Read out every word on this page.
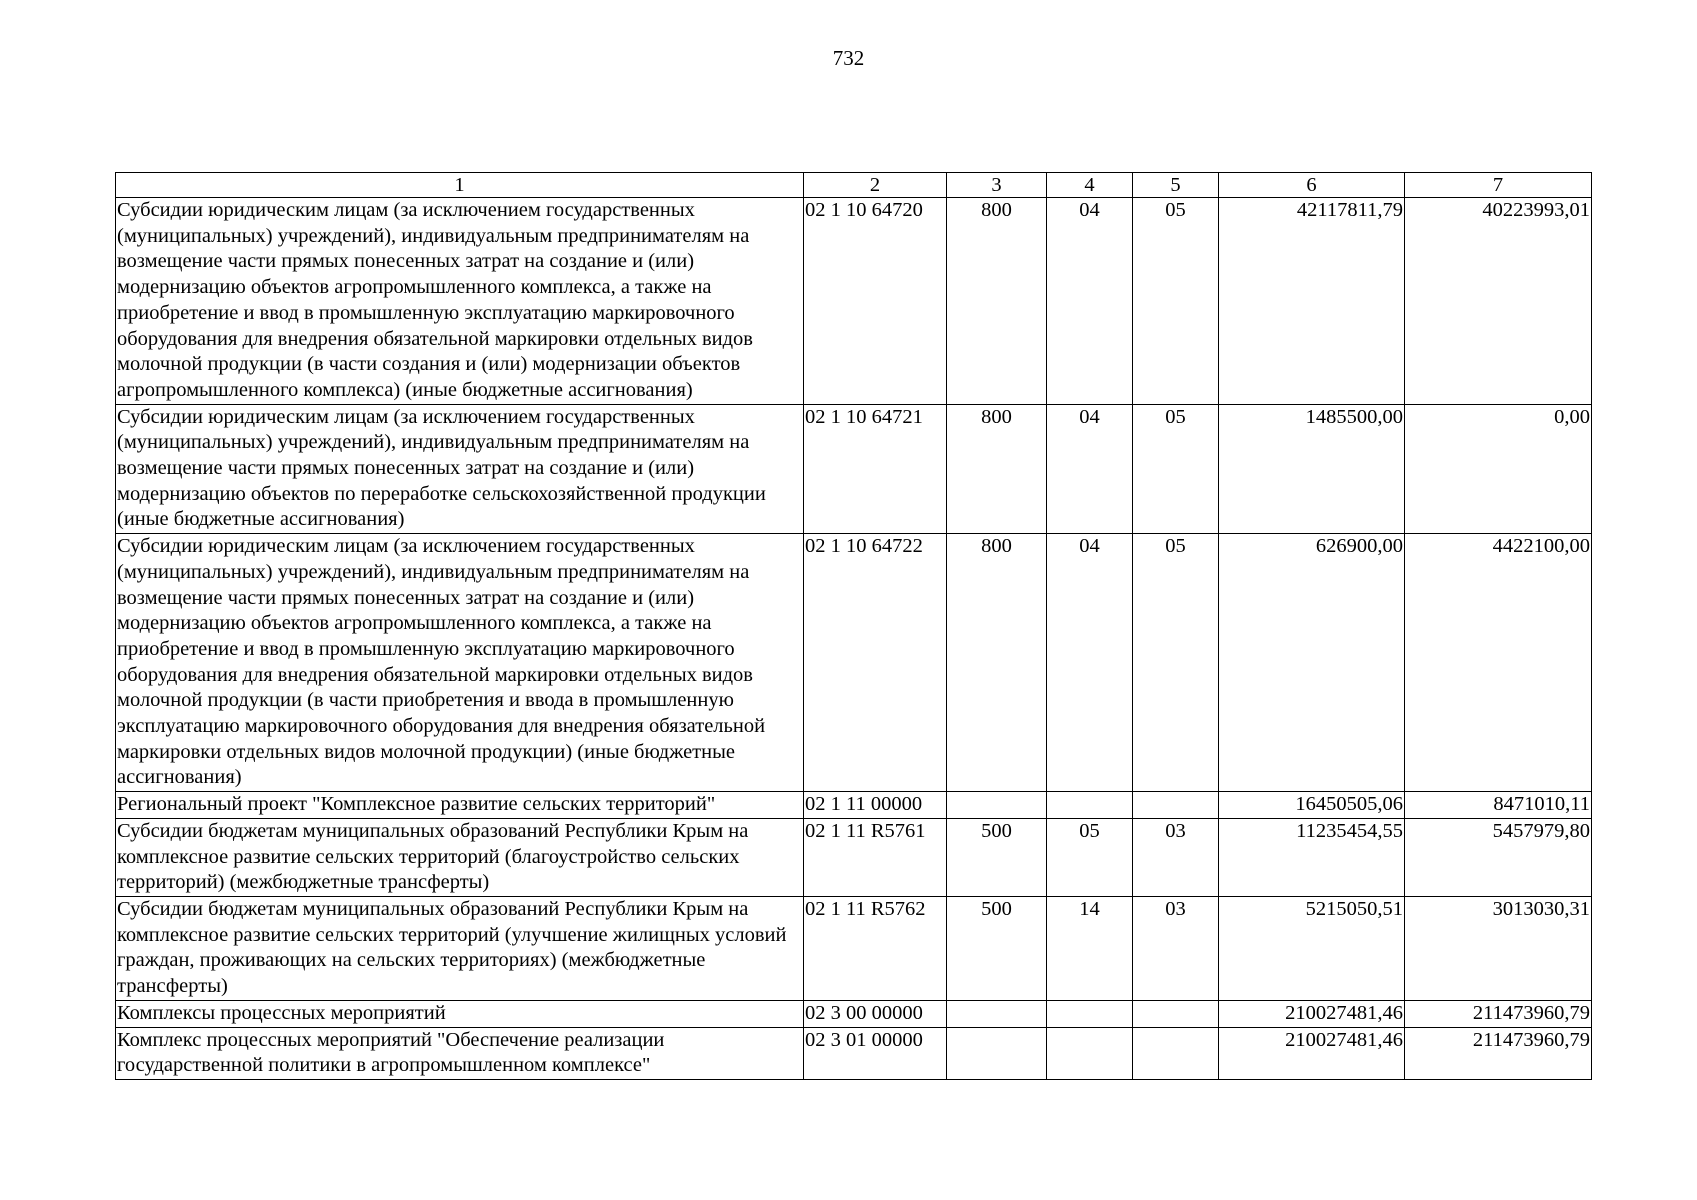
732
1	2	3	4	5	6	7
Субсидии юридическим лицам (за исключением государственных (муниципальных) учреждений), индивидуальным предпринимателям на возмещение части прямых понесенных затрат на создание и (или) модернизацию объектов агропромышленного комплекса, а также на приобретение и ввод в промышленную эксплуатацию маркировочного оборудования для внедрения обязательной маркировки отдельных видов молочной продукции (в части создания и (или) модернизации объектов агропромышленного комплекса) (иные бюджетные ассигнования)	02 1 10 64720	800	04	05	42117811,79	40223993,01
Субсидии юридическим лицам (за исключением государственных (муниципальных) учреждений), индивидуальным предпринимателям на возмещение части прямых понесенных затрат на создание и (или) модернизацию объектов по переработке сельскохозяйственной продукции (иные бюджетные ассигнования)	02 1 10 64721	800	04	05	1485500,00	0,00
Субсидии юридическим лицам (за исключением государственных (муниципальных) учреждений), индивидуальным предпринимателям на возмещение части прямых понесенных затрат на создание и (или) модернизацию объектов агропромышленного комплекса, а также на приобретение и ввод в промышленную эксплуатацию маркировочного оборудования для внедрения обязательной маркировки отдельных видов молочной продукции (в части приобретения и ввода в промышленную эксплуатацию маркировочного оборудования для внедрения обязательной маркировки отдельных видов молочной продукции) (иные бюджетные ассигнования)	02 1 10 64722	800	04	05	626900,00	4422100,00
Региональный проект "Комплексное развитие сельских территорий"	02 1 11 00000				16450505,06	8471010,11
Субсидии бюджетам муниципальных образований Республики Крым на комплексное развитие сельских территорий (благоустройство сельских территорий) (межбюджетные трансферты)	02 1 11 R5761	500	05	03	11235454,55	5457979,80
Субсидии бюджетам муниципальных образований Республики Крым на комплексное развитие сельских территорий (улучшение жилищных условий граждан, проживающих на сельских территориях) (межбюджетные трансферты)	02 1 11 R5762	500	14	03	5215050,51	3013030,31
Комплексы процессных мероприятий	02 3 00 00000				210027481,46	211473960,79
Комплекс процессных мероприятий "Обеспечение реализации государственной политики в агропромышленном комплексе"	02 3 01 00000				210027481,46	211473960,79
